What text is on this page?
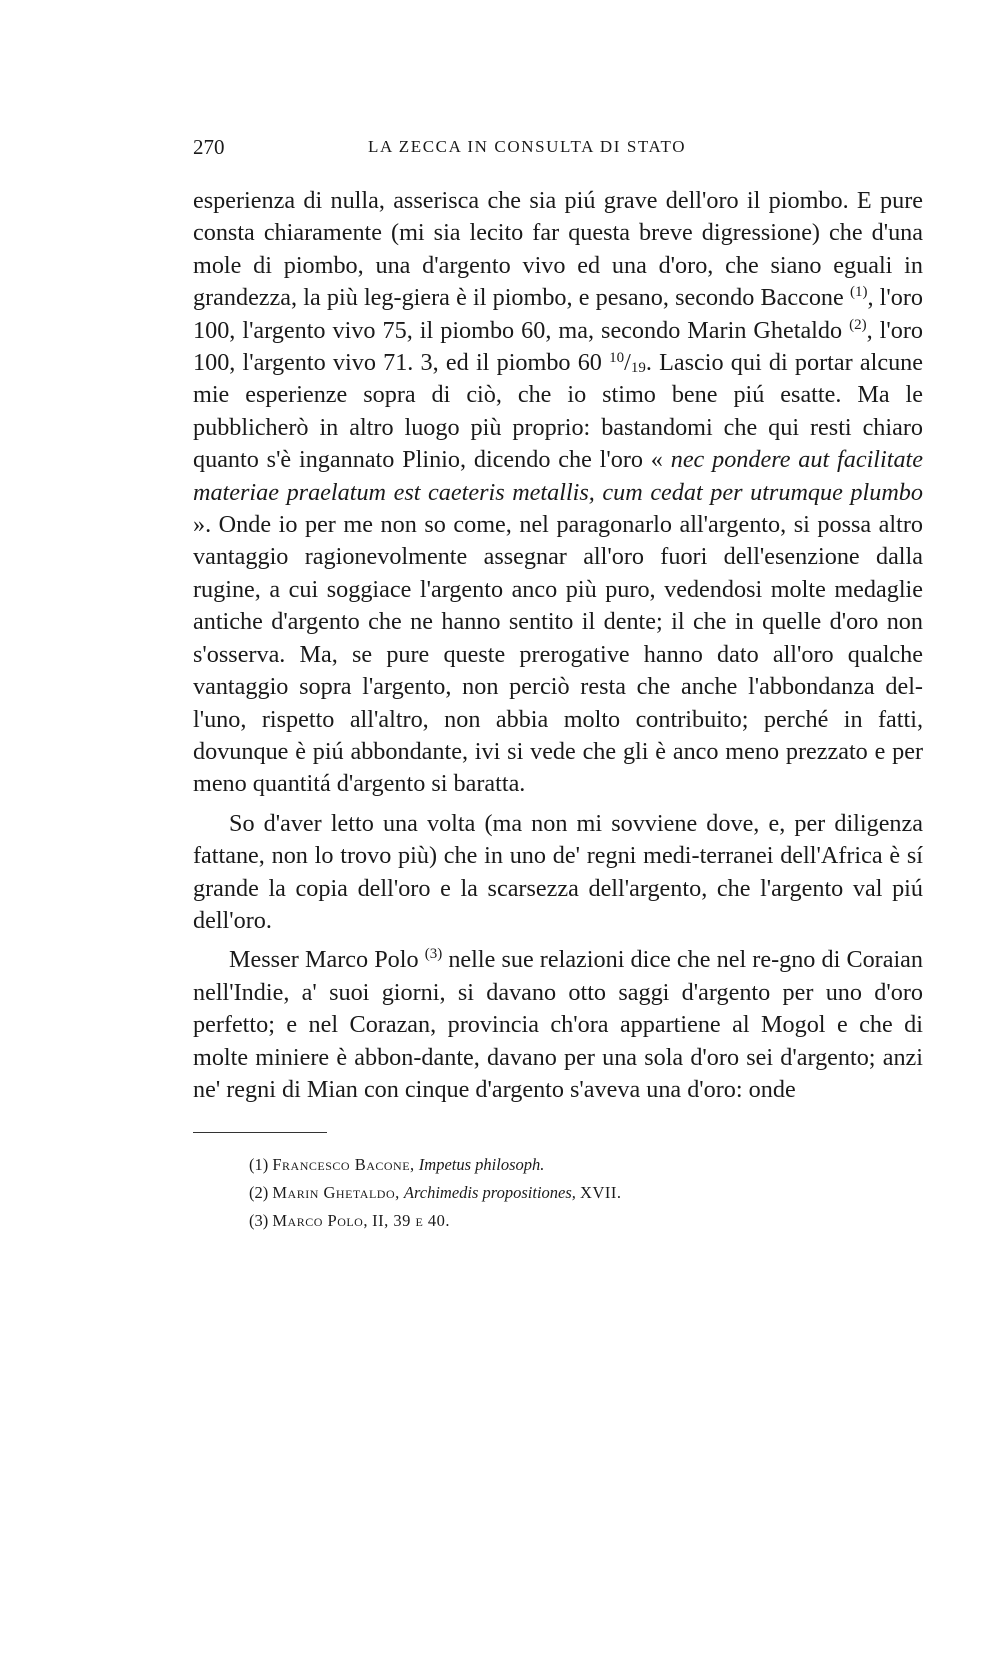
270	LA ZECCA IN CONSULTA DI STATO

esperienza di nulla, asserisca che sia piú grave dell'oro il piombo. E pure consta chiaramente (mi sia lecito far questa breve digressione) che d'una mole di piombo, una d'argento vivo ed una d'oro, che siano eguali in grandezza, la più leg-giera è il piombo, e pesano, secondo Baccone $^{(1)}$, l'oro 100, l'argento vivo 75, il piombo 60, ma, secondo Marin Ghetaldo $^{(2)}$, l'oro 100, l'argento vivo 71. 3, ed il piombo 60 $^{10}/_{19}$. Lascio qui di portar alcune mie esperienze sopra di ciò, che io stimo bene piú esatte. Ma le pubblicherò in altro luogo più proprio: bastandomi che qui resti chiaro quanto s'è ingannato Plinio, dicendo che l'oro « nec pondere aut facilitate materiae praelatum est caeteris metallis, cum cedat per utrumque plumbo ». Onde io per me non so come, nel paragonarlo all'argento, si possa altro vantaggio ragionevolmente assegnar all'oro fuori dell'esenzione dalla rugine, a cui soggiace l'argento anco più puro, vedendosi molte medaglie antiche d'argento che ne hanno sentito il dente; il che in quelle d'oro non s'osserva. Ma, se pure queste prerogative hanno dato all'oro qualche vantaggio sopra l'argento, non perciò resta che anche l'abbondanza del-l'uno, rispetto all'altro, non abbia molto contribuito; perché in fatti, dovunque è piú abbondante, ivi si vede che gli è anco meno prezzato e per meno quantitá d'argento si baratta.

So d'aver letto una volta (ma non mi sovviene dove, e, per diligenza fattane, non lo trovo più) che in uno de' regni medi-terranei dell'Africa è sí grande la copia dell'oro e la scarsezza dell'argento, che l'argento val piú dell'oro.

Messer Marco Polo $^{(3)}$ nelle sue relazioni dice che nel re-gno di Coraian nell'Indie, a' suoi giorni, si davano otto saggi d'argento per uno d'oro perfetto; e nel Corazan, provincia ch'ora appartiene al Mogol e che di molte miniere è abbon-dante, davano per una sola d'oro sei d'argento; anzi ne' regni di Mian con cinque d'argento s'aveva una d'oro: onde

(1) Francesco Bacone, Impetus philosoph.
(2) Marin Ghetaldo, Archimedis propositiones, XVII.
(3) Marco Polo, II, 39 e 40.
